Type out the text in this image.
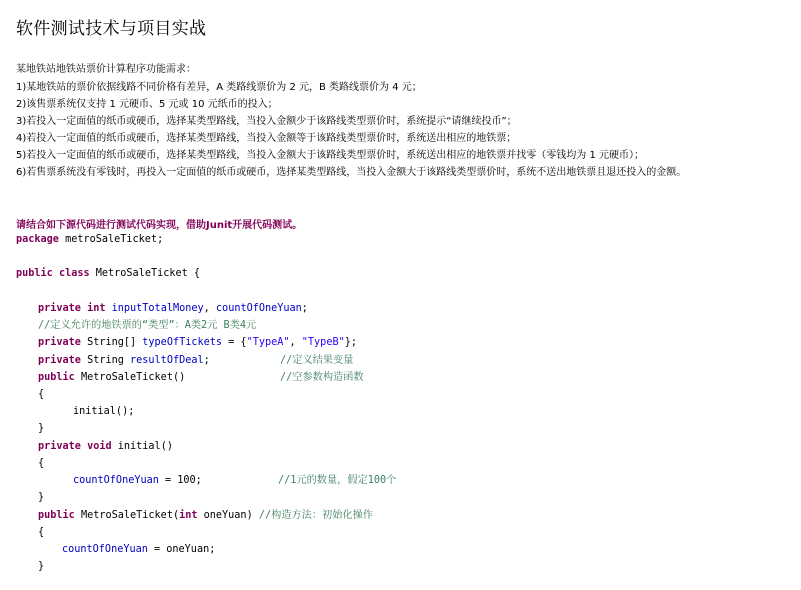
软件测试技术与项目实战
某地铁站地铁站票价计算程序功能需求：
1)某地铁站的票价依据线路不同价格有差异，A 类路线票价为 2 元，B 类路线票价为 4 元；
2)该售票系统仅支持 1 元硬币、5 元或 10 元纸币的投入；
3)若投入一定面值的纸币或硬币，选择某类型路线，当投入金额少于该路线类型票价时，系统提示“请继续投币”；
4)若投入一定面值的纸币或硬币，选择某类型路线，当投入金额等于该路线类型票价时，系统送出相应的地铁票；
5)若投入一定面值的纸币或硬币，选择某类型路线，当投入金额大于该路线类型票价时，系统送出相应的地铁票并找零（零钱均为 1 元硬币）；
6)若售票系统没有零钱时，再投入一定面值的纸币或硬币，选择某类型路线，当投入金额大于该路线类型票价时，系统不送出地铁票且退还投入的金额。
请结合如下源代码进行测试代码实现，借助Junit开展代码测试。
package metroSaleTicket;
public class MetroSaleTicket {
private int inputTotalMoney, countOfOneYuan;
//定义允许的地铁票的“类型”：A类2元 B类4元
private String[] typeOfTickets = {"TypeA", "TypeB"};
private String resultOfDeal;	//定义结果变量
public MetroSaleTicket()	//空参数构造函数
{
initial();
}
private void initial()
{
countOfOneYuan = 100;	//1元的数量，假定100个
}
public MetroSaleTicket(int oneYuan) //构造方法：初始化操作
{
countOfOneYuan = oneYuan;
}
